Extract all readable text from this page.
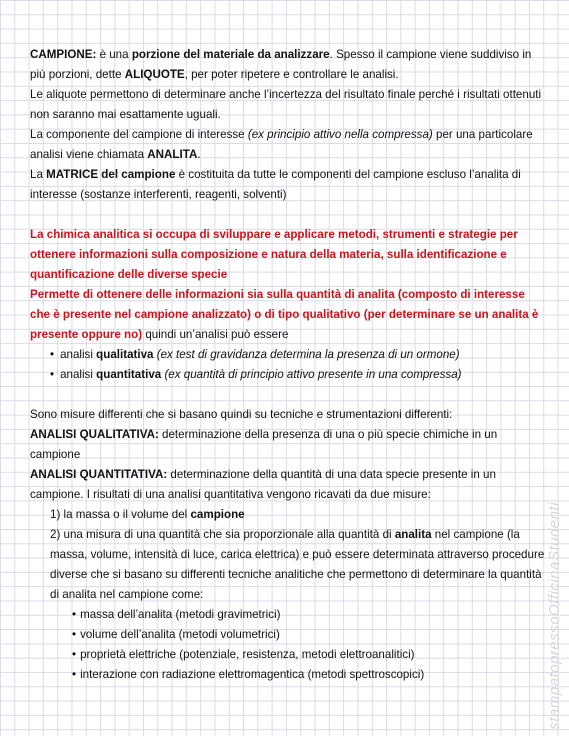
CAMPIONE: è una porzione del materiale da analizzare. Spesso il campione viene suddiviso in più porzioni, dette ALIQUOTE, per poter ripetere e controllare le analisi.

Le aliquote permettono di determinare anche l’incertezza del risultato finale perché i risultati ottenuti non saranno mai esattamente uguali.

La componente del campione di interesse (ex principio attivo nella compressa) per una particolare analisi viene chiamata ANALITA.

La MATRICE del campione è costituita da tutte le componenti del campione escluso l’analita di interesse (sostanze interferenti, reagenti, solventi)

La chimica analitica si occupa di sviluppare e applicare metodi, strumenti e strategie per ottenere informazioni sulla composizione e natura della materia, sulla identificazione e quantificazione delle diverse specie

Permette di ottenere delle informazioni sia sulla quantità di analita (composto di interesse che è presente nel campione analizzato) o di tipo qualitativo (per determinare se un analita è presente oppure no) quindi un’analisi può essere

• analisi qualitativa (ex test di gravidanza determina la presenza di un ormone)

• analisi quantitativa (ex quantità di principio attivo presente in una compressa)

Sono misure differenti che si basano quindi su tecniche e strumentazioni differenti:

ANALISI QUALITATIVA: determinazione della presenza di una o più specie chimiche in un campione

ANALISI QUANTITATIVA: determinazione della quantità di una data specie presente in un campione. I risultati di una analisi quantitativa vengono ricavati da due misure:

1) la massa o il volume del campione

2) una misura di una quantità che sia proporzionale alla quantità di analita nel campione (la massa, volume, intensità di luce, carica elettrica) e può essere determinata attraverso procedure diverse che si basano su differenti tecniche analitiche che permettono di determinare la quantità di analita nel campione come:

• massa dell’analita (metodi gravimetrici)

• volume dell’analita (metodi volumetrici)

• proprietà elettriche (potenziale, resistenza, metodi elettroanalitici)

• interazione con radiazione elettromagentica (metodi spettroscopici)	stampatopressoOfficinaStudenti
